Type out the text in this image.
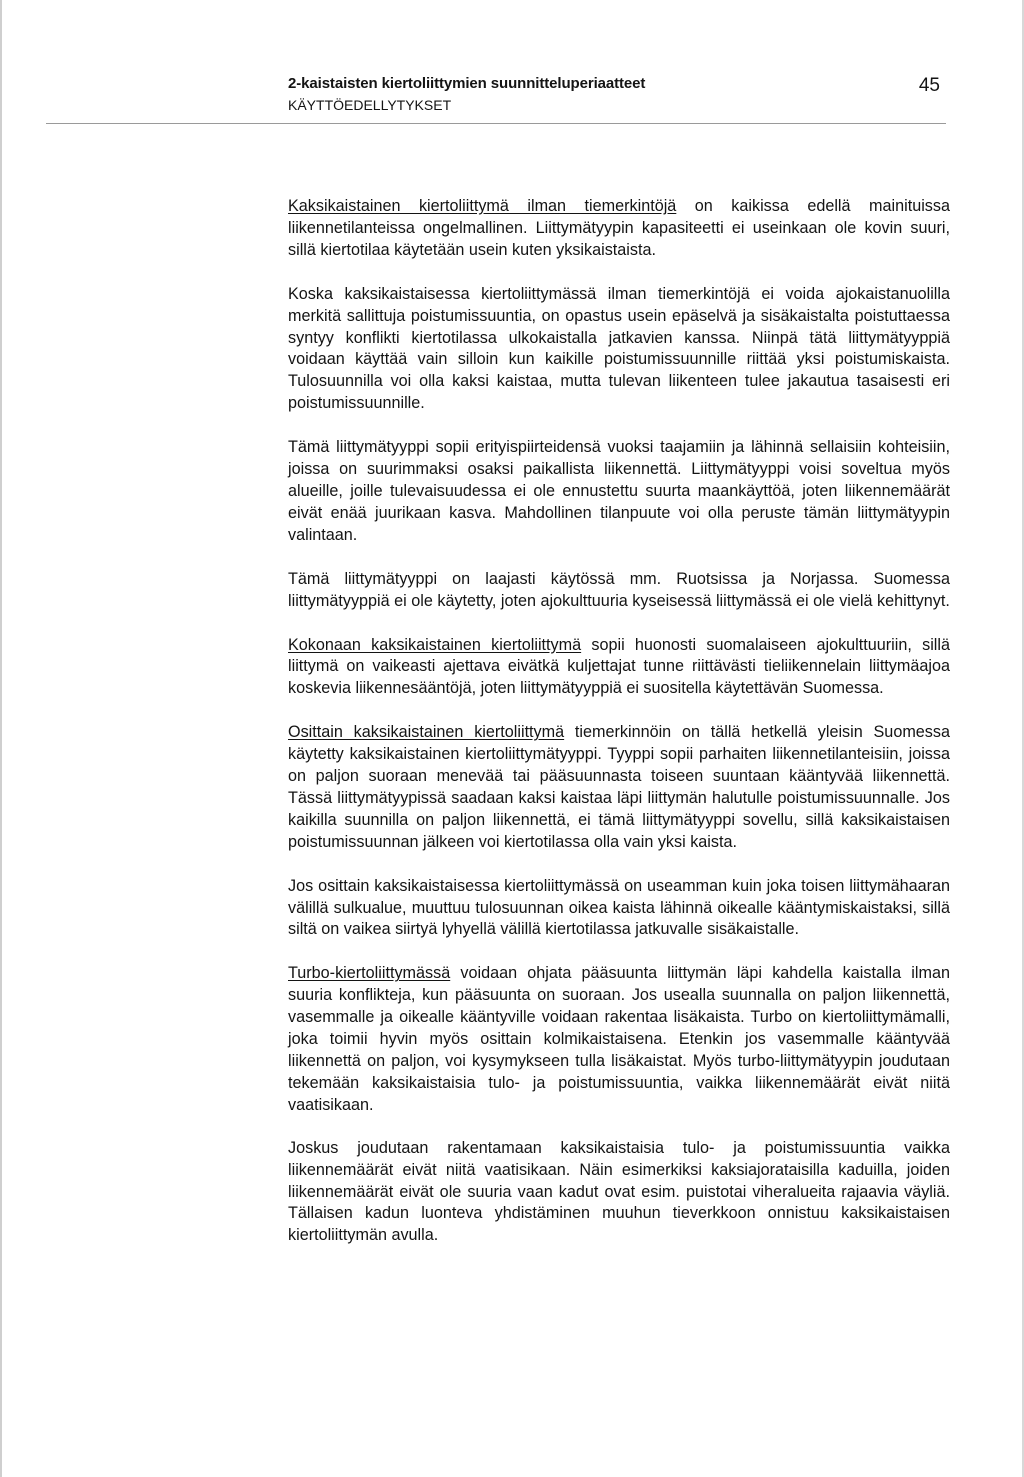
2-kaistaisten kiertoliittymien suunnitteluperiaatteet
KÄYTTÖEDELLYTYKSET
45

Kaksikaistainen kiertoliittymä ilman tiemerkintöjä on kaikissa edellä mainituissa liikennetilanteissa ongelmallinen. Liittymätyypin kapasiteetti ei useinkaan ole kovin suuri, sillä kiertotilaa käytetään usein kuten yksikaistaista.

Koska kaksikaistaisessa kiertoliittymässä ilman tiemerkintöjä ei voida ajokaistanuolilla merkitä sallittuja poistumissuuntia, on opastus usein epäselvä ja sisäkaistalta poistuttaessa syntyy konflikti kiertotilassa ulkokaistalla jatkavien kanssa. Niinpä tätä liittymätyyppiä voidaan käyttää vain silloin kun kaikille poistumissuunnille riittää yksi poistumiskaista. Tulosuunnilla voi olla kaksi kaistaa, mutta tulevan liikenteen tulee jakautua tasaisesti eri poistumissuunnille.

Tämä liittymätyyppi sopii erityispiirteidensä vuoksi taajamiin ja lähinnä sellaisiin kohteisiin, joissa on suurimmaksi osaksi paikallista liikennettä. Liittymätyyppi voisi soveltua myös alueille, joille tulevaisuudessa ei ole ennustettu suurta maankäyttöä, joten liikennemäärät eivät enää juurikaan kasva. Mahdollinen tilanpuute voi olla peruste tämän liittymätyypin valintaan.

Tämä liittymätyyppi on laajasti käytössä mm. Ruotsissa ja Norjassa. Suomessa liittymätyyppiä ei ole käytetty, joten ajokulttuuria kyseisessä liittymässä ei ole vielä kehittynyt.

Kokonaan kaksikaistainen kiertoliittymä sopii huonosti suomalaiseen ajokulttuuriin, sillä liittymä on vaikeasti ajettava eivätkä kuljettajat tunne riittävästi tieliikennelain liittymäajoa koskevia liikennesääntöjä, joten liittymätyyppiä ei suositella käytettävän Suomessa.

Osittain kaksikaistainen kiertoliittymä tiemerkinnöin on tällä hetkellä yleisin Suomessa käytetty kaksikaistainen kiertoliittymätyyppi. Tyyppi sopii parhaiten liikennetilanteisiin, joissa on paljon suoraan menevää tai pääsuunnasta toiseen suuntaan kääntyvää liikennettä. Tässä liittymätyypissä saadaan kaksi kaistaa läpi liittymän halutulle poistumissuunnalle. Jos kaikilla suunnilla on paljon liikennettä, ei tämä liittymätyyppi sovellu, sillä kaksikaistaisen poistumissuunnan jälkeen voi kiertotilassa olla vain yksi kaista.

Jos osittain kaksikaistaisessa kiertoliittymässä on useamman kuin joka toisen liittymähaaran välillä sulkualue, muuttuu tulosuunnan oikea kaista lähinnä oikealle kääntymiskaistaksi, sillä siltä on vaikea siirtyä lyhyellä välillä kiertotilassa jatkuvalle sisäkaistalle.

Turbo-kiertoliittymässä voidaan ohjata pääsuunta liittymän läpi kahdella kaistalla ilman suuria konflikteja, kun pääsuunta on suoraan. Jos usealla suunnalla on paljon liikennettä, vasemmalle ja oikealle kääntyville voidaan rakentaa lisäkaista. Turbo on kiertoliittymämalli, joka toimii hyvin myös osittain kolmikaistaisena. Etenkin jos vasemmalle kääntyvää liikennettä on paljon, voi kysymykseen tulla lisäkaistat. Myös turbo-liittymätyypin joudutaan tekemään kaksikaistaisia tulo- ja poistumissuuntia, vaikka liikennemäärät eivät niitä vaatisikaan.

Joskus joudutaan rakentamaan kaksikaistaisia tulo- ja poistumissuuntia vaikka liikennemäärät eivät niitä vaatisikaan. Näin esimerkiksi kaksiajorataisilla kaduilla, joiden liikennemäärät eivät ole suuria vaan kadut ovat esim. puistotai viheralueita rajaavia väyliä. Tällaisen kadun luonteva yhdistäminen muuhun tieverkkoon onnistuu kaksikaistaisen kiertoliittymän avulla.
